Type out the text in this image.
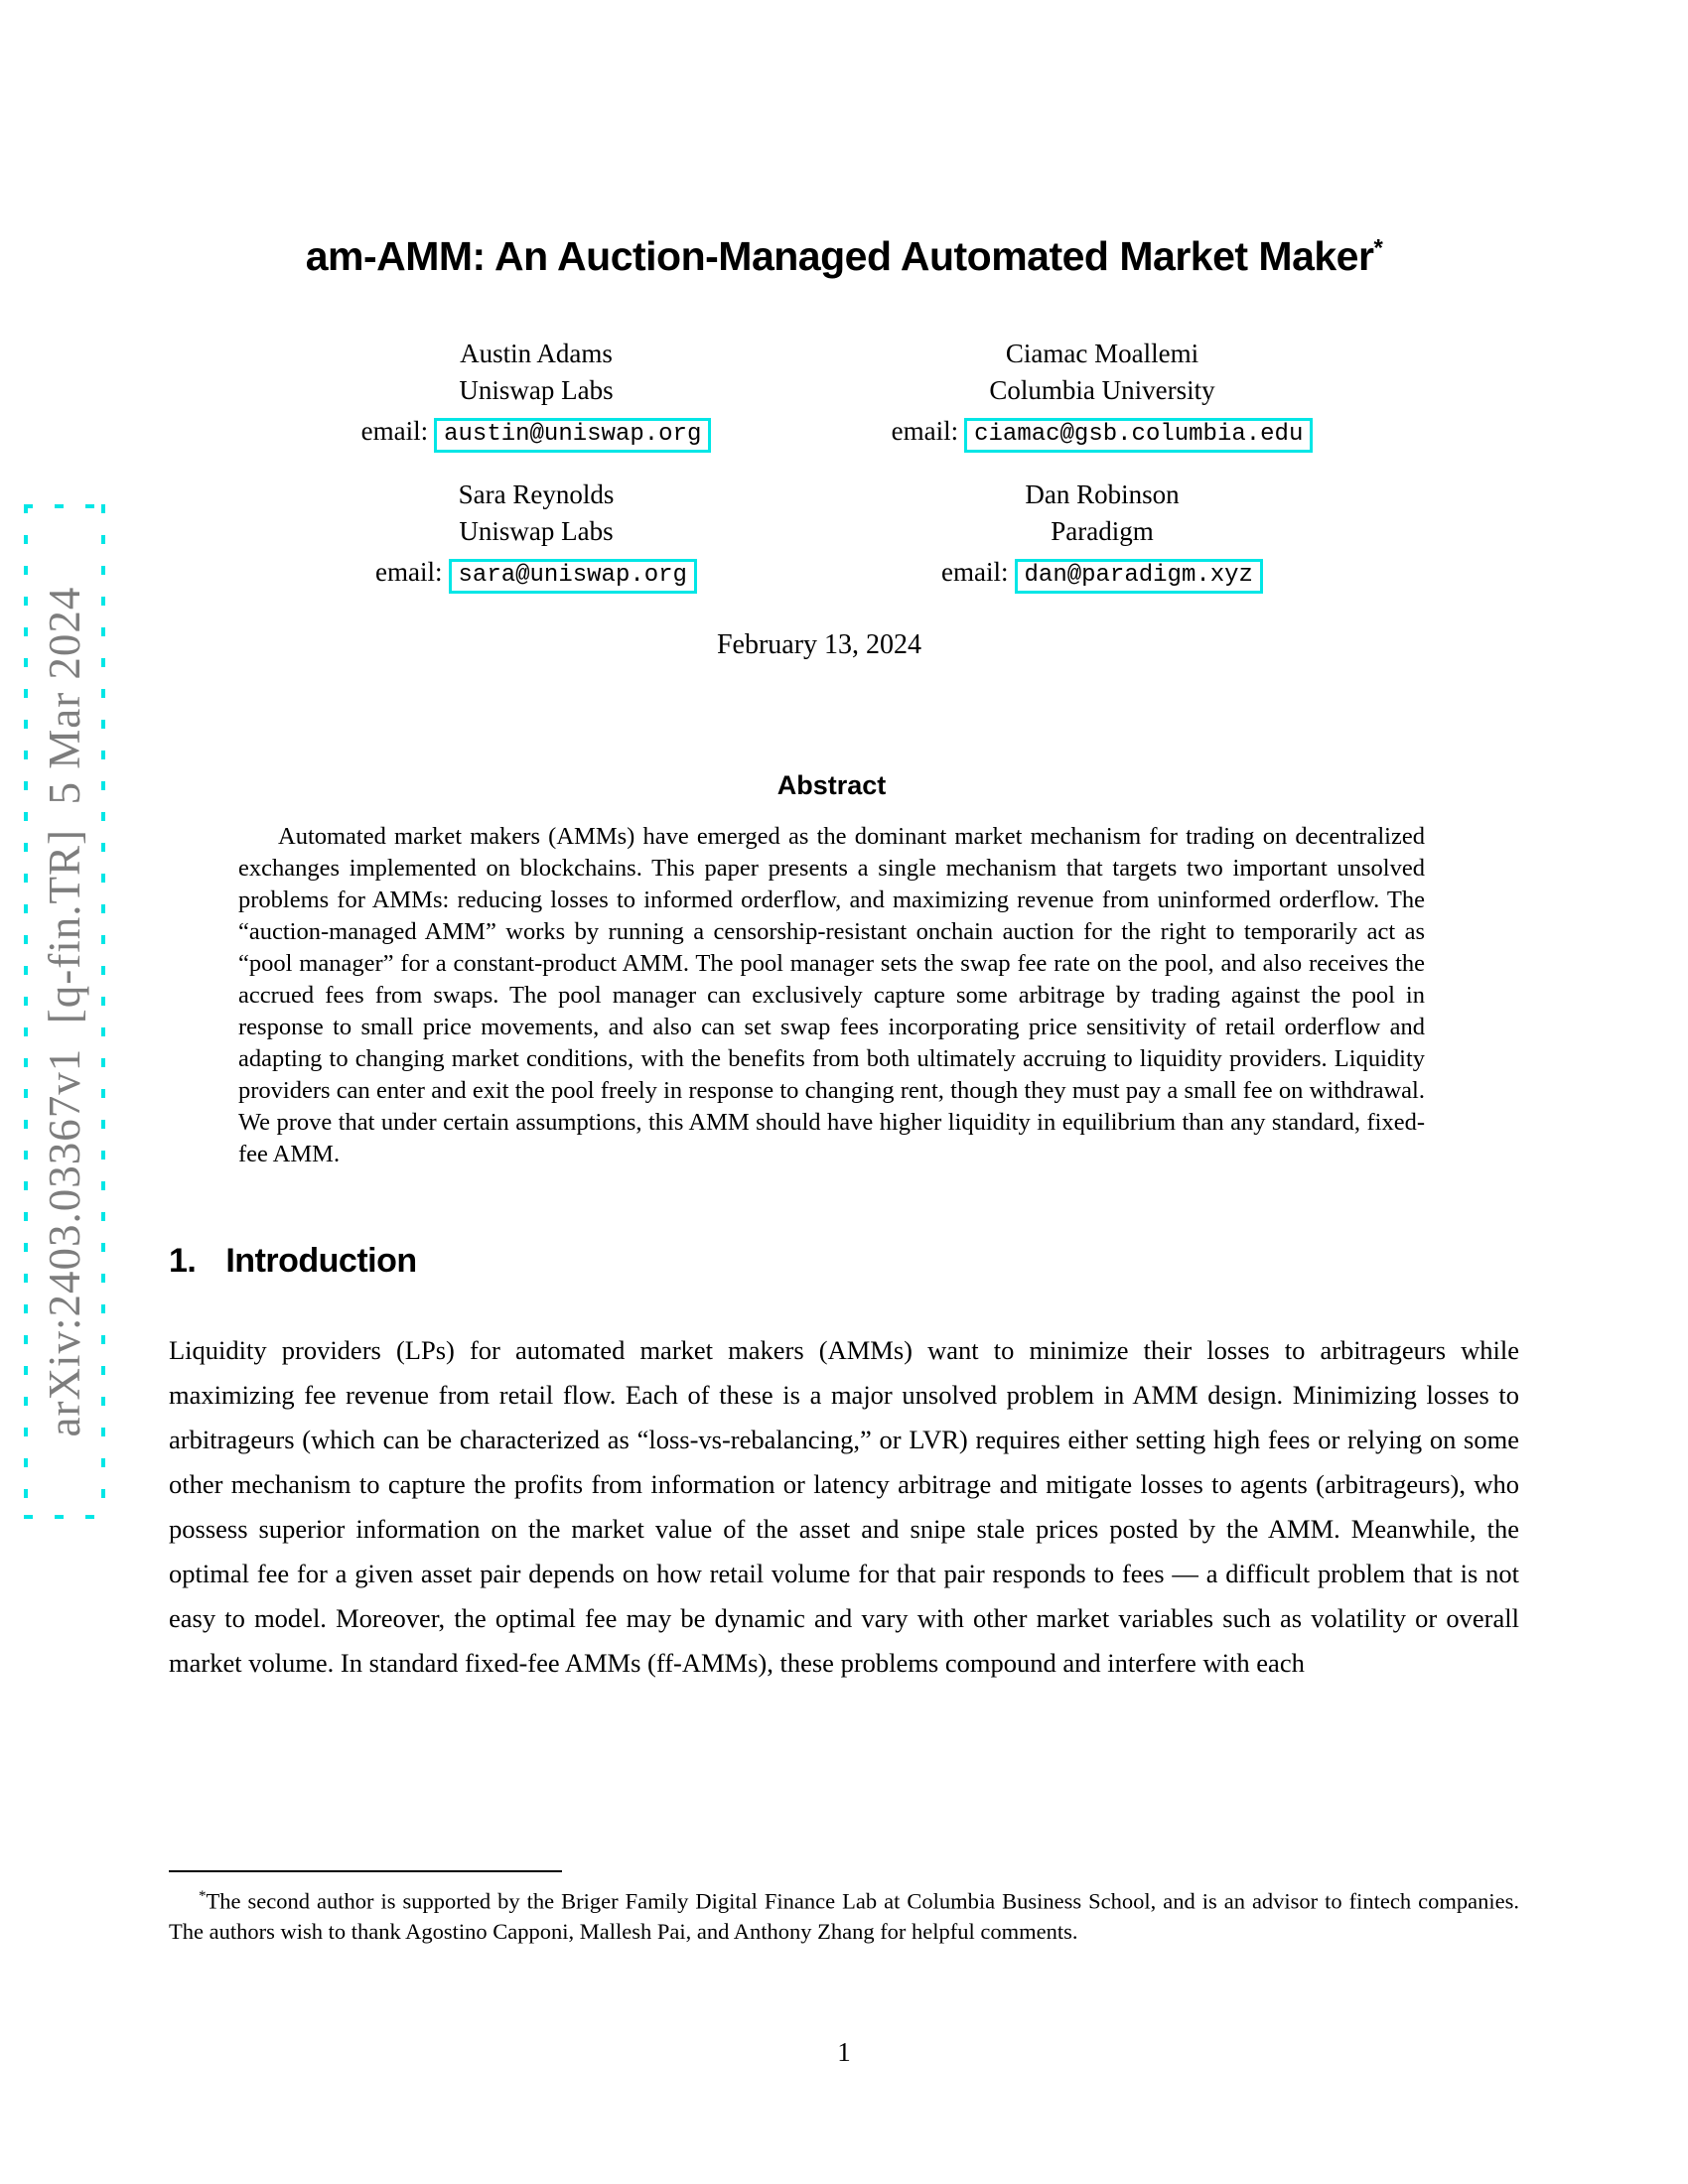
arXiv:2403.03367v1  [q-fin.TR]  5 Mar 2024
am-AMM: An Auction-Managed Automated Market Maker*
Austin Adams
Uniswap Labs
email: austin@uniswap.org
Ciamac Moallemi
Columbia University
email: ciamac@gsb.columbia.edu
Sara Reynolds
Uniswap Labs
email: sara@uniswap.org
Dan Robinson
Paradigm
email: dan@paradigm.xyz
February 13, 2024
Abstract

Automated market makers (AMMs) have emerged as the dominant market mechanism for trading on decentralized exchanges implemented on blockchains. This paper presents a single mechanism that targets two important unsolved problems for AMMs: reducing losses to informed orderflow, and maximizing revenue from uninformed orderflow. The “auction-managed AMM” works by running a censorship-resistant onchain auction for the right to temporarily act as “pool manager” for a constant-product AMM. The pool manager sets the swap fee rate on the pool, and also receives the accrued fees from swaps. The pool manager can exclusively capture some arbitrage by trading against the pool in response to small price movements, and also can set swap fees incorporating price sensitivity of retail orderflow and adapting to changing market conditions, with the benefits from both ultimately accruing to liquidity providers. Liquidity providers can enter and exit the pool freely in response to changing rent, though they must pay a small fee on withdrawal. We prove that under certain assumptions, this AMM should have higher liquidity in equilibrium than any standard, fixed-fee AMM.

1. Introduction

Liquidity providers (LPs) for automated market makers (AMMs) want to minimize their losses to arbitrageurs while maximizing fee revenue from retail flow. Each of these is a major unsolved problem in AMM design. Minimizing losses to arbitrageurs (which can be characterized as “loss-vs-rebalancing,” or LVR) requires either setting high fees or relying on some other mechanism to capture the profits from information or latency arbitrage and mitigate losses to agents (arbitrageurs), who possess superior information on the market value of the asset and snipe stale prices posted by the AMM. Meanwhile, the optimal fee for a given asset pair depends on how retail volume for that pair responds to fees — a difficult problem that is not easy to model. Moreover, the optimal fee may be dynamic and vary with other market variables such as volatility or overall market volume. In standard fixed-fee AMMs (ff-AMMs), these problems compound and interfere with each

*The second author is supported by the Briger Family Digital Finance Lab at Columbia Business School, and is an advisor to fintech companies. The authors wish to thank Agostino Capponi, Mallesh Pai, and Anthony Zhang for helpful comments.

1
